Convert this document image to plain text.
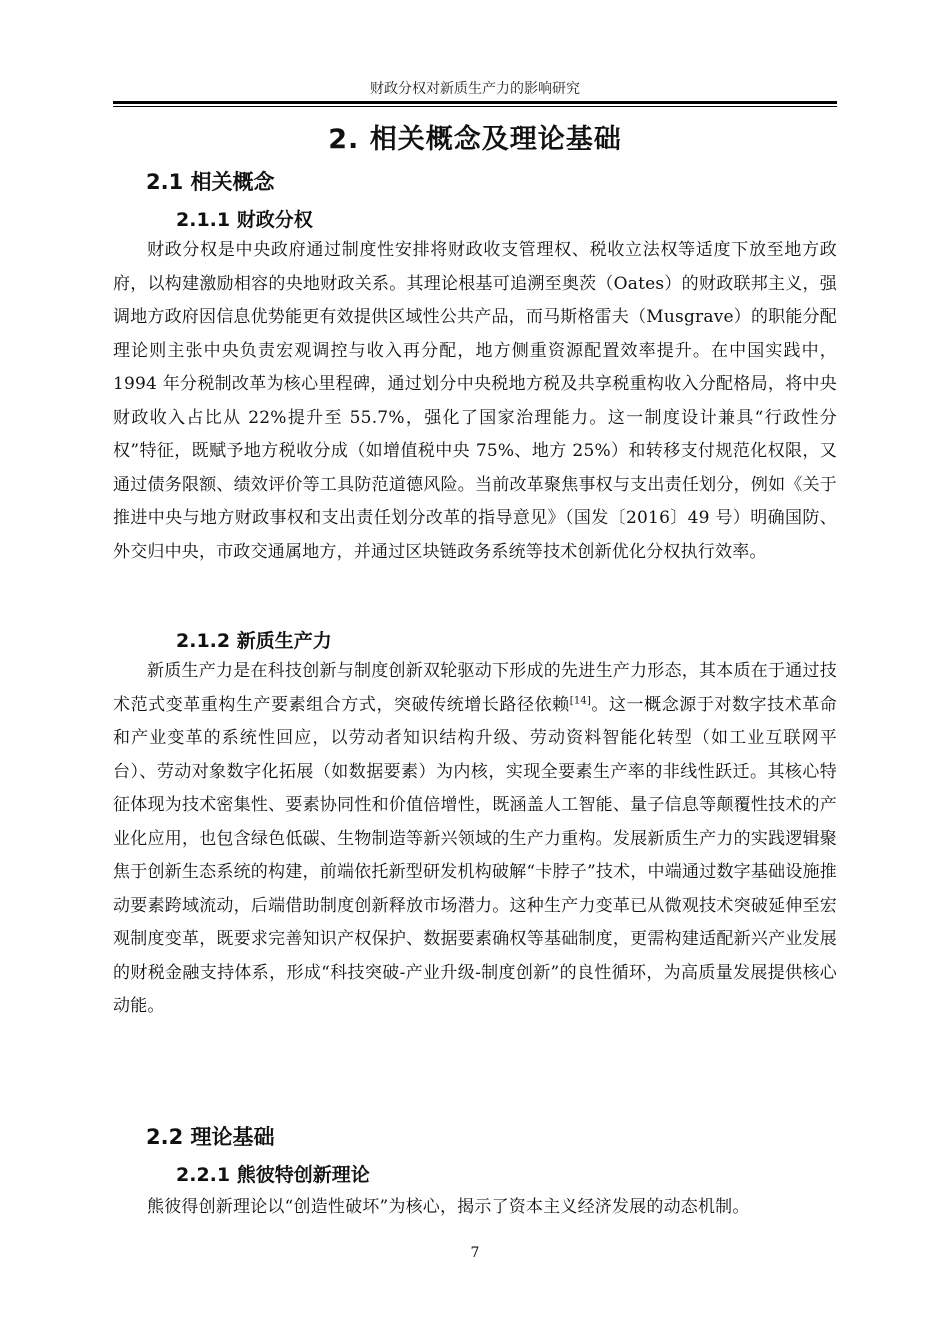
财政分权对新质生产力的影响研究
2. 相关概念及理论基础
2.1 相关概念
2.1.1 财政分权

财政分权是中央政府通过制度性安排将财政收支管理权、税收立法权等适度下放至地方政府，以构建激励相容的央地财政关系。其理论根基可追溯至奥茨（Oates）的财政联邦主义，强调地方政府因信息优势能更有效提供区域性公共产品，而马斯格雷夫（Musgrave）的职能分配理论则主张中央负责宏观调控与收入再分配，地方侧重资源配置效率提升。在中国实践中，1994 年分税制改革为核心里程碑，通过划分中央税地方税及共享税重构收入分配格局，将中央财政收入占比从 22%提升至 55.7%，强化了国家治理能力。这一制度设计兼具“行政性分权”特征，既赋予地方税收分成（如增值税中央 75%、地方 25%）和转移支付规范化权限，又通过债务限额、绩效评价等工具防范道德风险。当前改革聚焦事权与支出责任划分，例如《关于推进中央与地方财政事权和支出责任划分改革的指导意见》（国发〔2016〕49 号）明确国防、外交归中央，市政交通属地方，并通过区块链政务系统等技术创新优化分权执行效率。

2.1.2 新质生产力

新质生产力是在科技创新与制度创新双轮驱动下形成的先进生产力形态，其本质在于通过技术范式变革重构生产要素组合方式，突破传统增长路径依赖[14]。这一概念源于对数字技术革命和产业变革的系统性回应，以劳动者知识结构升级、劳动资料智能化转型（如工业互联网平台）、劳动对象数字化拓展（如数据要素）为内核，实现全要素生产率的非线性跃迁。其核心特征体现为技术密集性、要素协同性和价值倍增性，既涵盖人工智能、量子信息等颠覆性技术的产业化应用，也包含绿色低碳、生物制造等新兴领域的生产力重构。发展新质生产力的实践逻辑聚焦于创新生态系统的构建，前端依托新型研发机构破解“卡脖子”技术，中端通过数字基础设施推动要素跨域流动，后端借助制度创新释放市场潜力。这种生产力变革已从微观技术突破延伸至宏观制度变革，既要求完善知识产权保护、数据要素确权等基础制度，更需构建适配新兴产业发展的财税金融支持体系，形成“科技突破-产业升级-制度创新”的良性循环，为高质量发展提供核心动能。

2.2 理论基础
2.2.1 熊彼特创新理论

熊彼得创新理论以“创造性破坏”为核心，揭示了资本主义经济发展的动态机制。

7
